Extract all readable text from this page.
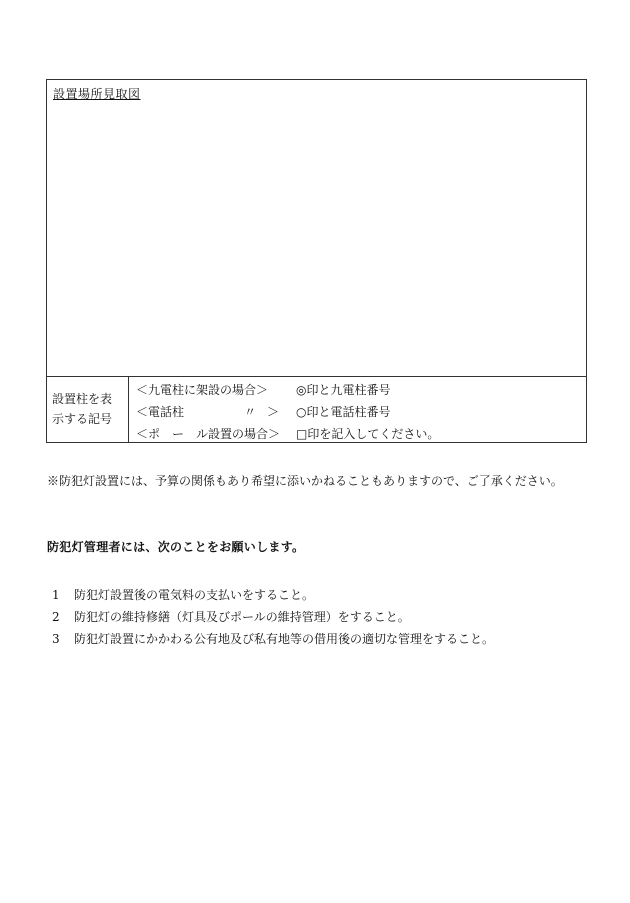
設置場所見取図
設置柱を表
示する記号
＜九電柱に架設の場合＞ ◎印と九電柱番号
＜電話柱	〃 ＞ ○印と電話柱番号
＜ポ　ー　ル設置の場合＞ □印を記入してください。
※防犯灯設置には、予算の関係もあり希望に添いかねることもありますので、ご了承ください。
防犯灯管理者には、次のことをお願いします。
1 防犯灯設置後の電気料の支払いをすること。
2 防犯灯の維持修繕（灯具及びポールの維持管理）をすること。
3 防犯灯設置にかかわる公有地及び私有地等の借用後の適切な管理をすること。
